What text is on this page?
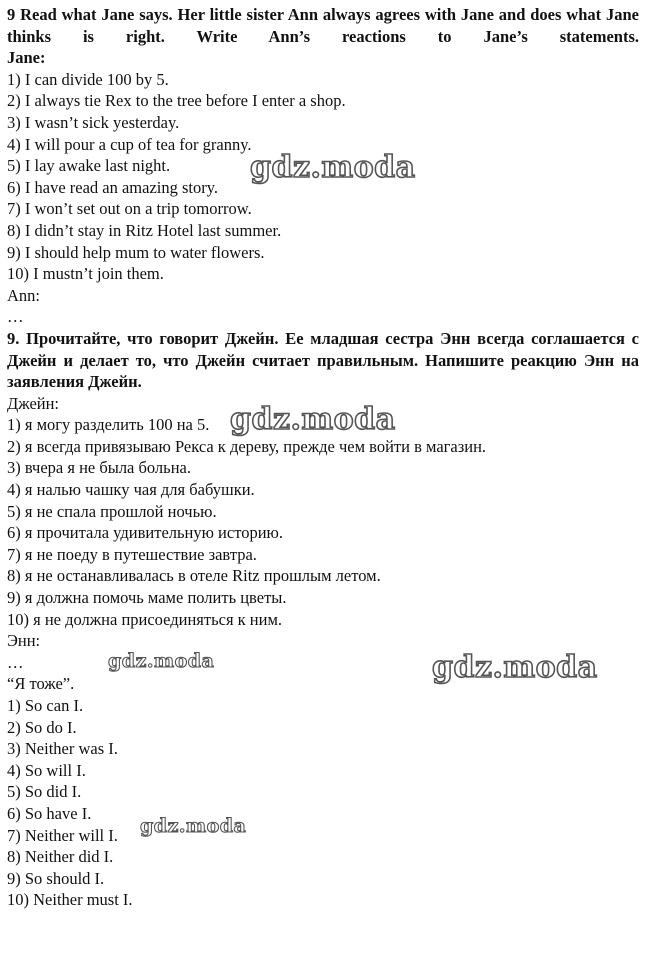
9 Read what Jane says. Her little sister Ann always agrees with Jane and does what Jane thinks is right. Write Ann’s reactions to Jane’s statements.
Jane:
1) I can divide 100 by 5.
2) I always tie Rex to the tree before I enter a shop.
3) I wasn’t sick yesterday.
4) I will pour a cup of tea for granny.
5) I lay awake last night.
6) I have read an amazing story.
7) I won’t set out on a trip tomorrow.
8) I didn’t stay in Ritz Hotel last summer.
9) I should help mum to water flowers.
10) I mustn’t join them.
Ann:
…
9. Прочитайте, что говорит Джейн. Ее младшая сестра Энн всегда соглашается с Джейн и делает то, что Джейн считает правильным. Напишите реакцию Энн на заявления Джейн.
Джейн:
1) я могу разделить 100 на 5.
2) я всегда привязываю Рекса к дереву, прежде чем войти в магазин.
3) вчера я не была больна.
4) я налью чашку чая для бабушки.
5) я не спала прошлой ночью.
6) я прочитала удивительную историю.
7) я не поеду в путешествие завтра.
8) я не останавливалась в отеле Ritz прошлым летом.
9) я должна помочь маме полить цветы.
10) я не должна присоединяться к ним.
Энн:
…
“Я тоже”.
1) So can I.
2) So do I.
3) Neither was I.
4) So will I.
5) So did I.
6) So have I.
7) Neither will I.
8) Neither did I.
9) So should I.
10) Neither must I.
gdz.moda
gdz.moda
gdz.moda
gdz.moda
gdz.moda
